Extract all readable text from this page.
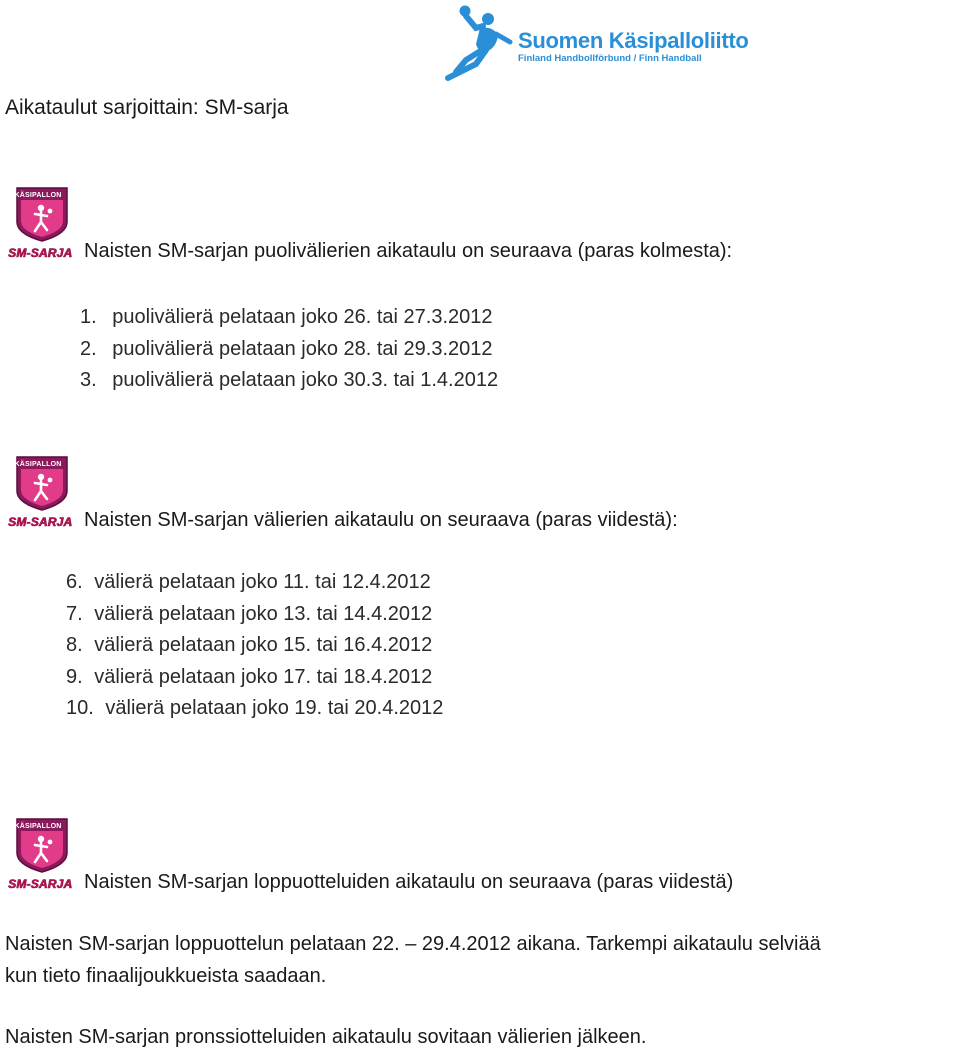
Suomen Käsipalloliitto
Finland Handbollförbund / Finn Handball
Aikataulut sarjoittain: SM-sarja
KÄSIPALLON
SM-SARJA Naisten SM-sarjan puolivälierien aikataulu on seuraava (paras kolmesta):
1. puolivälierä pelataan joko 26. tai 27.3.2012
2. puolivälierä pelataan joko 28. tai 29.3.2012
3. puolivälierä pelataan joko 30.3. tai 1.4.2012
KÄSIPALLON
SM-SARJA Naisten SM-sarjan välierien aikataulu on seuraava (paras viidestä):
6. välierä pelataan joko 11. tai 12.4.2012
7. välierä pelataan joko 13. tai 14.4.2012
8. välierä pelataan joko 15. tai 16.4.2012
9. välierä pelataan joko 17. tai 18.4.2012
10. välierä pelataan joko 19. tai 20.4.2012
KÄSIPALLON
SM-SARJA Naisten SM-sarjan loppuotteluiden aikataulu on seuraava (paras viidestä)
Naisten SM-sarjan loppuottelun pelataan 22. – 29.4.2012 aikana. Tarkempi aikataulu selviää
kun tieto finaalijoukkueista saadaan.
Naisten SM-sarjan pronssiotteluiden aikataulu sovitaan välierien jälkeen.
